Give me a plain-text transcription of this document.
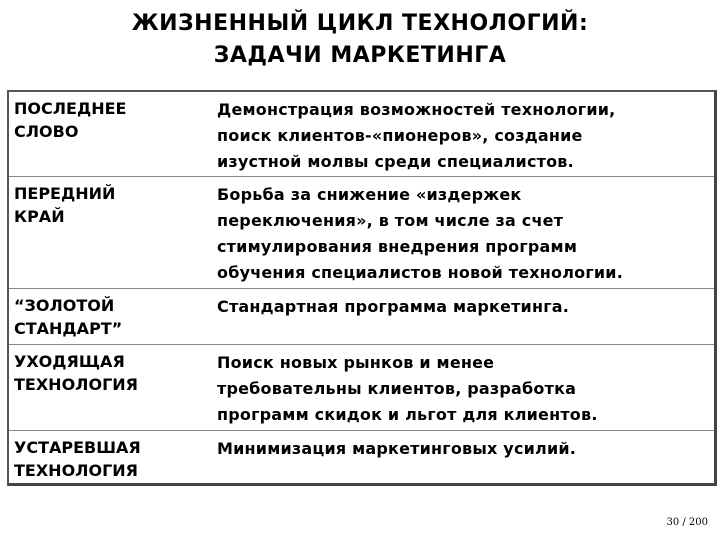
ЖИЗНЕННЫЙ ЦИКЛ ТЕХНОЛОГИЙ:
ЗАДАЧИ МАРКЕТИНГА
ПОСЛЕДНЕЕ
СЛОВО
Демонстрация возможностей технологии,
поиск клиентов-«пионеров», создание
изустной молвы среди специалистов.
ПЕРЕДНИЙ
КРАЙ
Борьба за снижение «издержек
переключения», в том числе за счет
стимулирования внедрения программ
обучения специалистов новой технологии.
“ЗОЛОТОЙ
СТАНДАРТ”
Стандартная программа маркетинга.
УХОДЯЩАЯ
ТЕХНОЛОГИЯ
Поиск новых рынков и менее
требовательны клиентов, разработка
программ скидок и льгот для клиентов.
УСТАРЕВШАЯ
ТЕХНОЛОГИЯ
Минимизация маркетинговых усилий.
30 / 200
